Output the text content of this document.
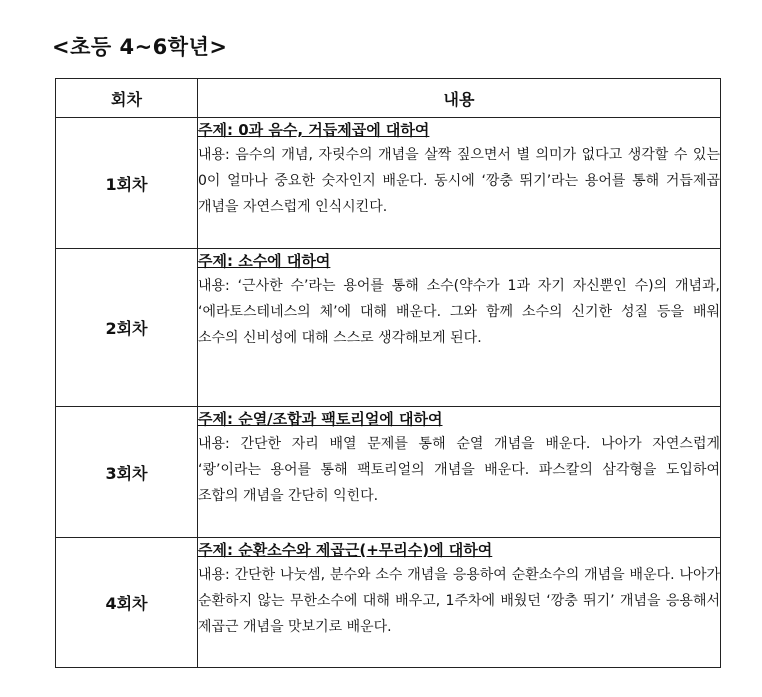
<초등 4~6학년>
회차	내용
1회차	주제: 0과 음수, 거듭제곱에 대하여
내용: 음수의 개념, 자릿수의 개념을 살짝 짚으면서 별 의미가 없다고 생각할 수 있는 0이 얼마나 중요한 숫자인지 배운다. 동시에 ‘깡충 뛰기’라는 용어를 통해 거듭제곱 개념을 자연스럽게 인식시킨다.

2회차	주제: 소수에 대하여
내용: ‘근사한 수’라는 용어를 통해 소수(약수가 1과 자기 자신뿐인 수)의 개념과, ‘에라토스테네스의 체’에 대해 배운다. 그와 함께 소수의 신기한 성질 등을 배워 소수의 신비성에 대해 스스로 생각해보게 된다.

3회차	주제: 순열/조합과 팩토리얼에 대하여
내용: 간단한 자리 배열 문제를 통해 순열 개념을 배운다. 나아가 자연스럽게 ‘쾅’이라는 용어를 통해 팩토리얼의 개념을 배운다. 파스칼의 삼각형을 도입하여 조합의 개념을 간단히 익힌다.

4회차	주제: 순환소수와 제곱근(+무리수)에 대하여
내용: 간단한 나눗셈, 분수와 소수 개념을 응용하여 순환소수의 개념을 배운다. 나아가 순환하지 않는 무한소수에 대해 배우고, 1주차에 배웠던 ‘깡충 뛰기’ 개념을 응용해서 제곱근 개념을 맛보기로 배운다.
